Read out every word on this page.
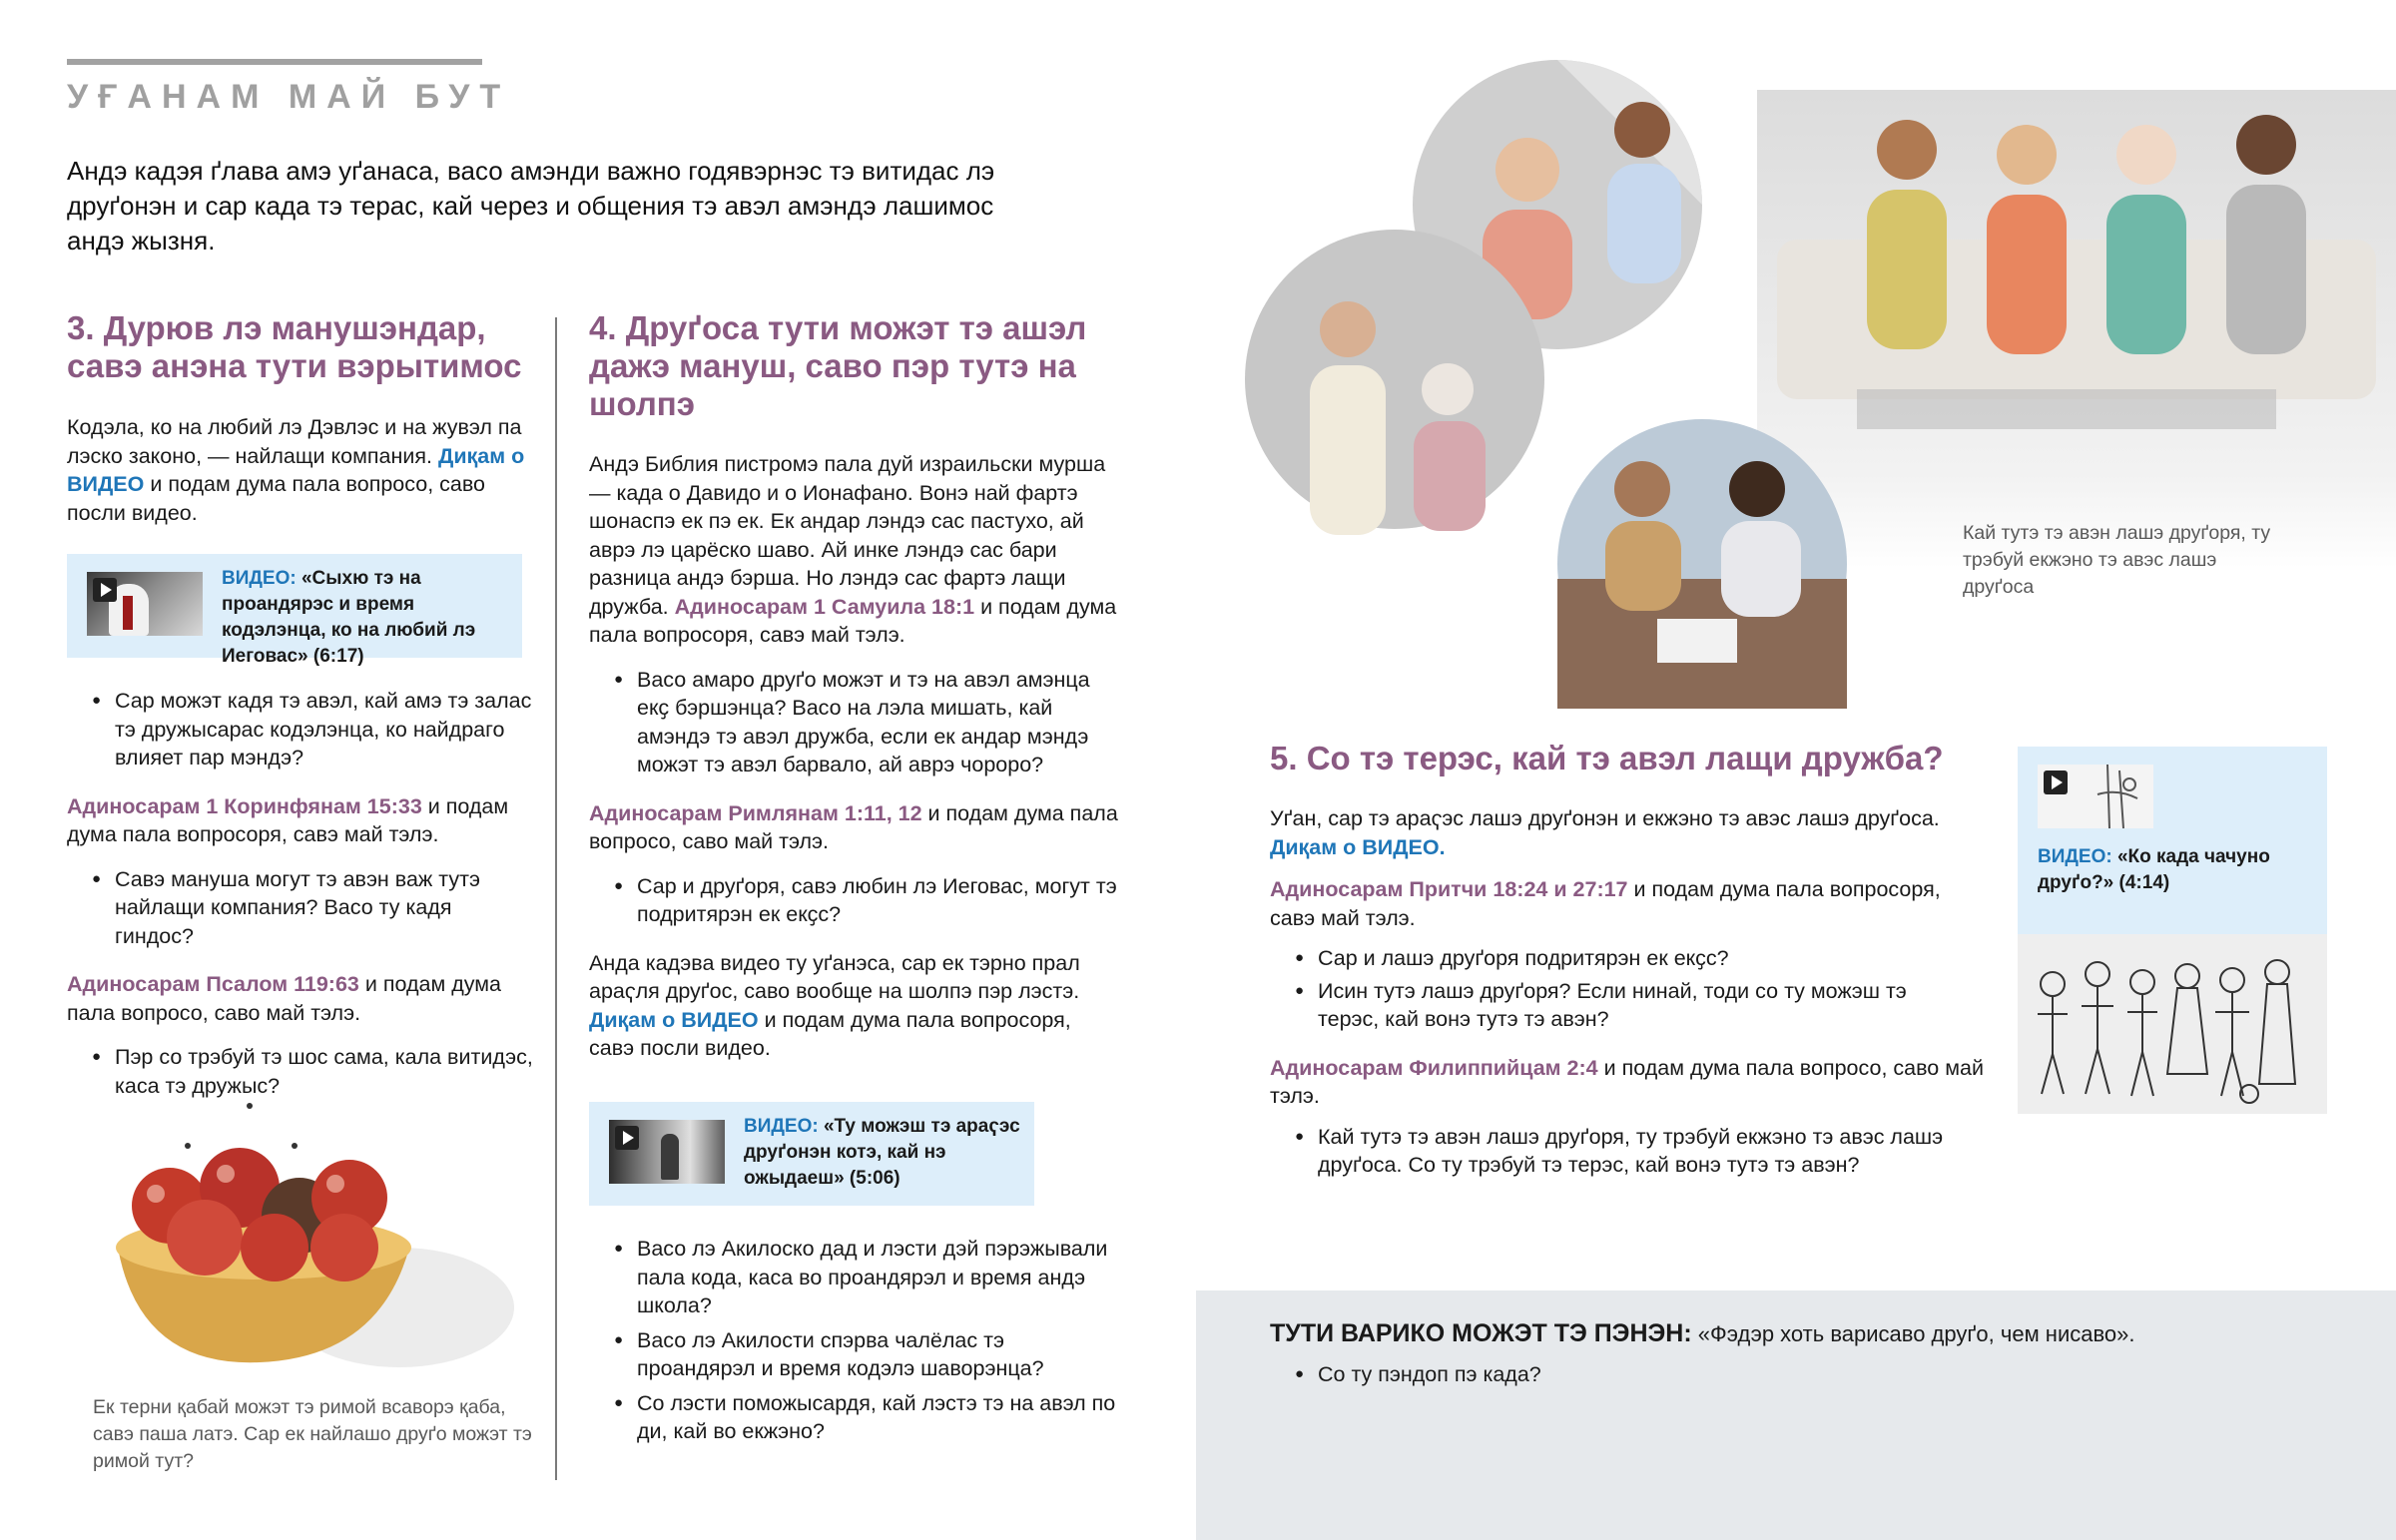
УҒАНАМ МАЙ БУТ
Андэ кадэя ґлава амэ уґанаса, васо амэнди важно годявэрнэс тэ витидас лэ друґонэн и сар када тэ терас, кай через и общения тэ авэл амэндэ лашимос андэ жызня.
3. Дурюв лэ манушэндар, савэ анэна тути вэрытимос

Кодэла, ко на любий лэ Дэвлэс и на жувэл па лэско законо, — найлащи компания. Диқам о ВИДЕО и подам дума пала вопросо, саво посли видео.

ВИДЕО: «Сыхю тэ на проандярэс и время кодэлэнца, ко на любий лэ Иеговас» (6:17)
● Сар можэт кадя тэ авэл, кай амэ тэ залас тэ дружысарас кодэлэнца, ко найдраго влияет пар мэндэ?

Адиносарам 1 Коринфянам 15:33 и подам дума пала вопросоря, савэ май тэлэ.

● Савэ мануша могут тэ авэн важ тутэ найлащи компания? Васо ту кадя гиндос?

Адиносарам Псалом 119:63 и подам дума пала вопросо, саво май тэлэ.

● Пэр со трэбуй тэ шос сама, кала витидэс, каса тэ дружыс?
Ек терни қабай можэт тэ римой всаворэ қаба, савэ паша латэ. Сар ек найлашо друґо можэт тэ римой тут?
4. Друґоса тути можэт тэ ашэл дажэ мануш, саво пэр тутэ на шолпэ

Андэ Библия пистромэ пала дуй израильски мурша — када о Давидо и о Ионафано. Вонэ най фартэ шонаспэ ек пэ ек. Ек андар лэндэ сас пастухо, ай аврэ лэ царёско шаво. Ай инке лэндэ сас бари разница андэ бэрша. Но лэндэ сас фартэ лащи дружба. Адиносарам 1 Самуила 18:1 и подам дума пала вопросоря, савэ май тэлэ.

● Васо амаро друґо можэт и тэ на авэл амэнца екҫ бэршэнца? Васо на лэла мишать, кай амэндэ тэ авэл дружба, если ек андар мэндэ можэт тэ авэл барвало, ай аврэ чороро?

Адиносарам Римлянам 1:11, 12 и подам дума пала вопросо, саво май тэлэ.

● Сар и друґоря, савэ любин лэ Иеговас, могут тэ подритярэн ек екҫс?

Анда кадэва видео ту уґанэса, сар ек тэрно прал араҁля друґос, саво вообще на шолпэ пэр лэстэ. Диқам о ВИДЕО и подам дума пала вопросоря, савэ посли видео.

ВИДЕО: «Ту можэш тэ араҁэс друґонэн котэ, кай нэ ожыдаеш» (5:06)
● Васо лэ Акилоско дад и лэсти дэй пэрэжывали пала кода, каса во проандярэл и время андэ школа?
● Васо лэ Акилости спэрва чалёлас тэ проандярэл и время кодэлэ шаворэнца?
● Со лэсти поможысардя, кай лэстэ тэ на авэл по ди, кай во екжэно?
Кай тутэ тэ авэн лашэ друґоря, ту трэбуй екжэно тэ авэс лашэ друґоса
5. Со тэ терэс, кай тэ авэл лащи дружба?

Уґан, сар тэ араҁэс лашэ друґонэн и екжэно тэ авэс лашэ друґоса.
Диқам о ВИДЕО.

Адиносарам Притчи 18:24 и 27:17 и подам дума пала вопросоря, савэ май тэлэ.

● Сар и лашэ друґоря подритярэн ек екҫс?
● Исин тутэ лашэ друґоря? Если нинай, тоди со ту можэш тэ терэс, кай вонэ тутэ тэ авэн?

Адиносарам Филиппийцам 2:4 и подам дума пала вопросо, саво май тэлэ.

● Кай тутэ тэ авэн лашэ друґоря, ту трэбуй екжэно тэ авэс лашэ друґоса. Со ту трэбуй тэ терэс, кай вонэ тутэ тэ авэн?
ВИДЕО: «Ко када чачуно друґо?» (4:14)
ТУТИ ВАРИКО МОЖЭТ ТЭ ПЭНЭН: «Фэдэр хоть варисаво друґо, чем нисаво».
● Со ту пэндоп пэ када?
